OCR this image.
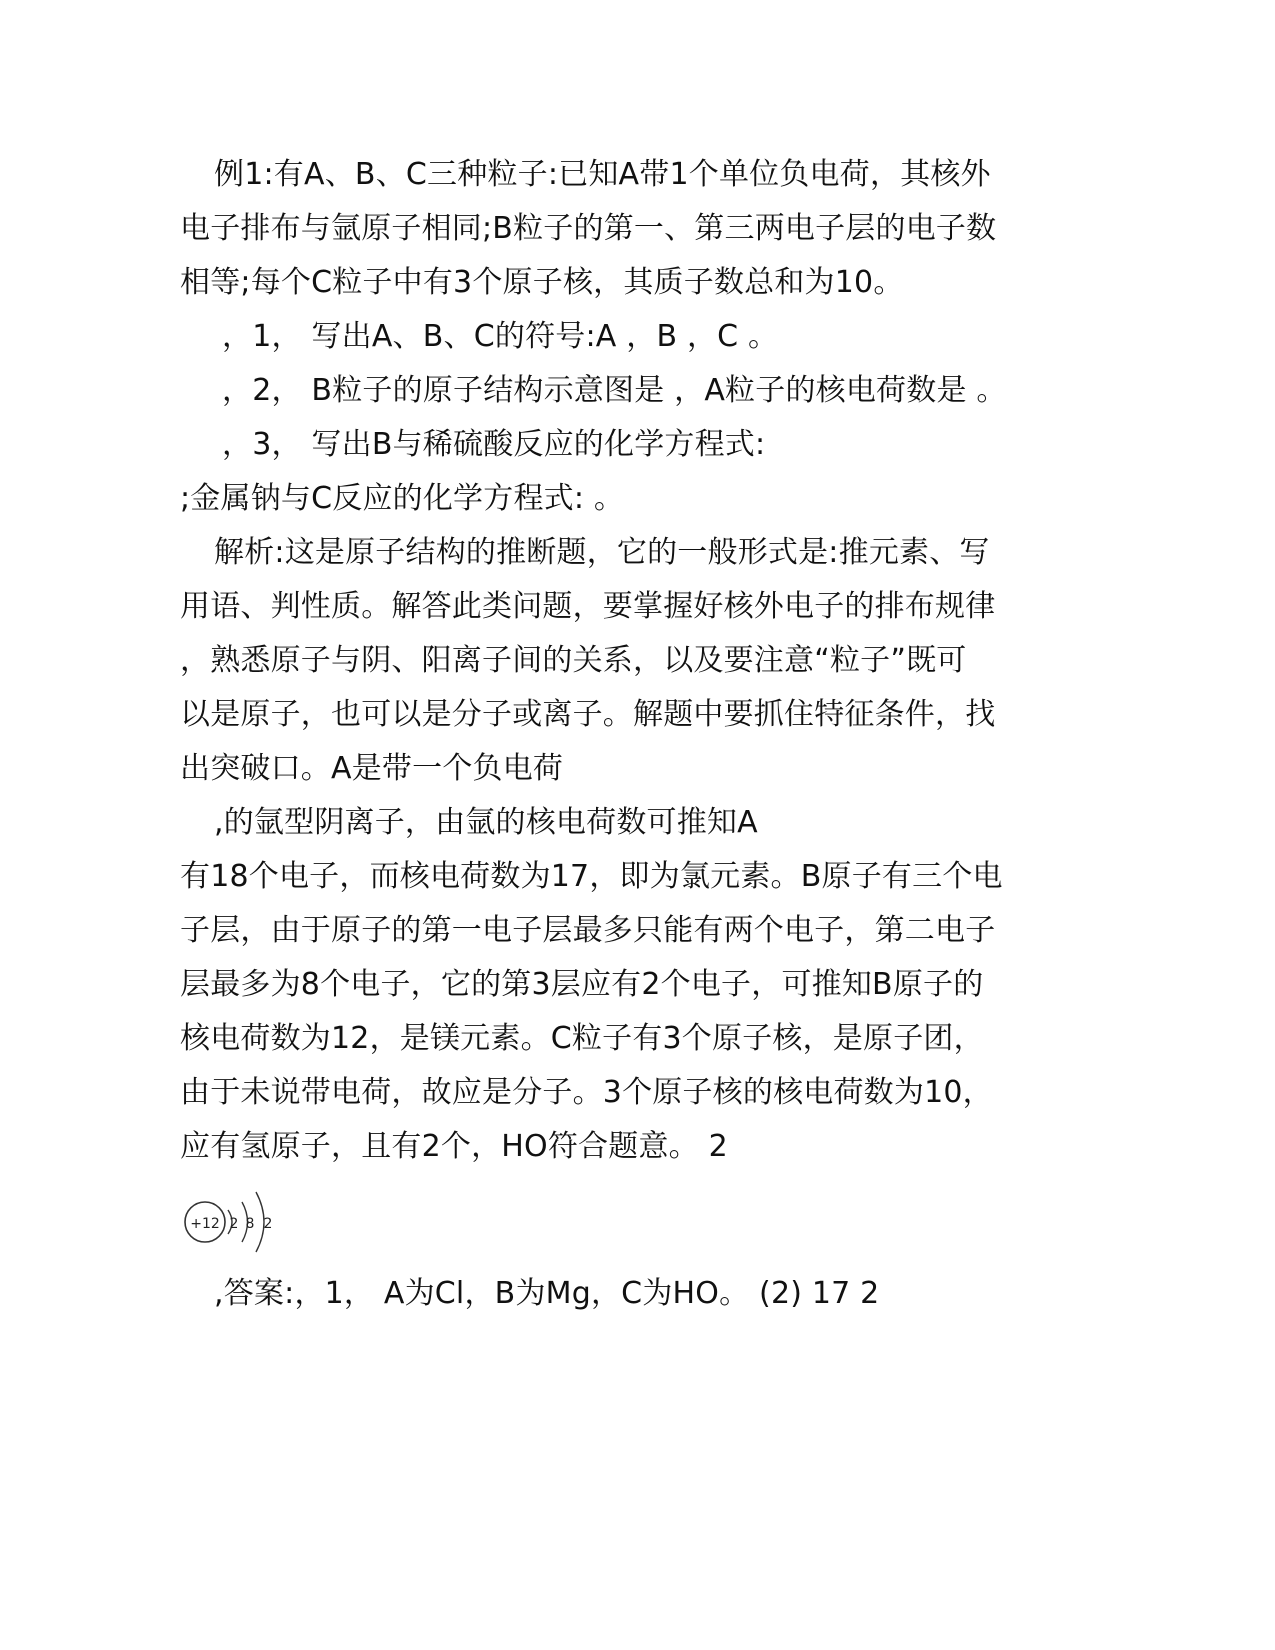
例1:有A、B、C三种粒子:已知A带1个单位负电荷，其核外
电子排布与氩原子相同;B粒子的第一、第三两电子层的电子数
相等;每个C粒子中有3个原子核，其质子数总和为10。
，1， 写出A、B、C的符号:A ，B ，C 。
，2， B粒子的原子结构示意图是 ，A粒子的核电荷数是 。
，3， 写出B与稀硫酸反应的化学方程式:
;金属钠与C反应的化学方程式: 。
解析:这是原子结构的推断题，它的一般形式是:推元素、写
用语、判性质。解答此类问题，要掌握好核外电子的排布规律
，熟悉原子与阴、阳离子间的关系，以及要注意“粒子”既可
以是原子，也可以是分子或离子。解题中要抓住特征条件，找
出突破口。A是带一个负电荷
,的氩型阴离子，由氩的核电荷数可推知A
有18个电子，而核电荷数为17，即为氯元素。B原子有三个电
子层，由于原子的第一电子层最多只能有两个电子，第二电子
层最多为8个电子，它的第3层应有2个电子，可推知B原子的
核电荷数为12，是镁元素。C粒子有3个原子核，是原子团，
由于未说带电荷，故应是分子。3个原子核的核电荷数为10，
应有氢原子，且有2个，HO符合题意。 2
+12 2 8 2
,答案:，1， A为Cl，B为Mg，C为HO。 (2) 17 2
